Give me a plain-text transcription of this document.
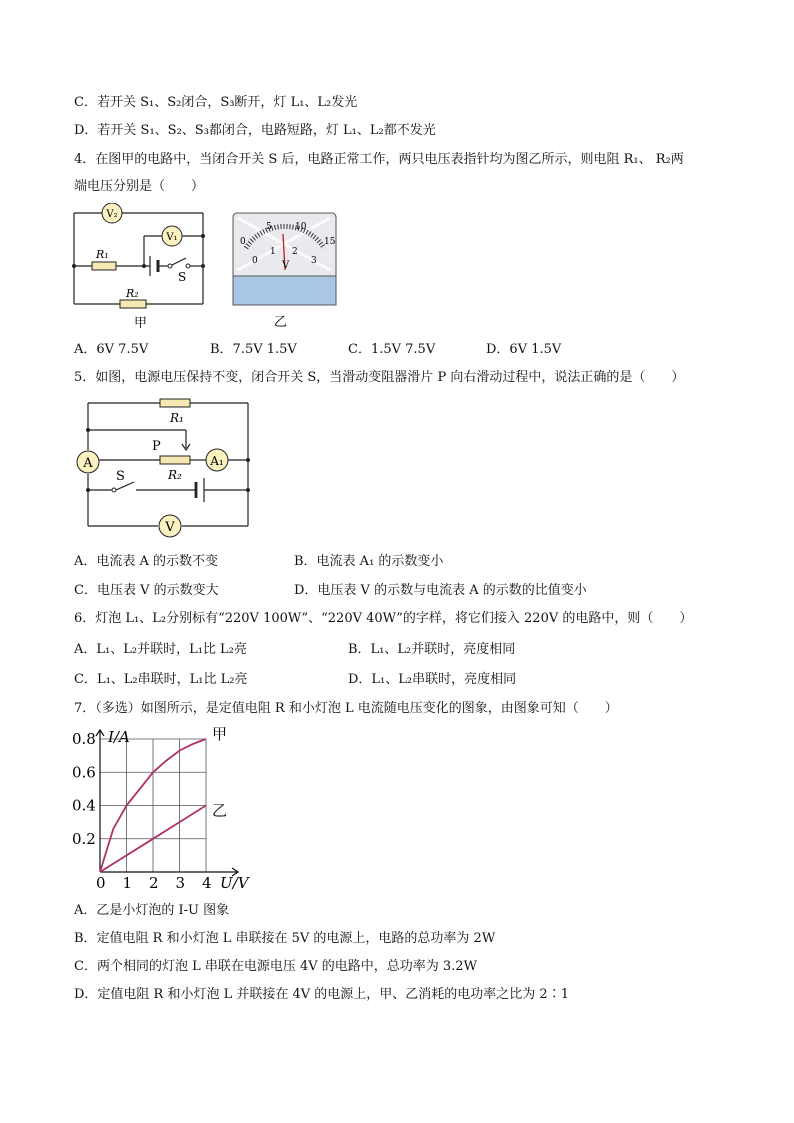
C．若开关 S₁、S₂闭合，S₃断开，灯 L₁、L₂发光
D．若开关 S₁、S₂、S₃都闭合，电路短路，灯 L₁、L₂都不发光
4．在图甲的电路中，当闭合开关 S 后，电路正常工作，两只电压表指针均为图乙所示，则电阻 R₁、 R₂两
端电压分别是（　　）
V₂
V₁
R₁
R₂
S
甲
0
5	10
15
0
1 2
3
V
乙
A．6V 7.5V	B．7.5V 1.5V	C．1.5V 7.5V	D．6V 1.5V
5．如图，电源电压保持不变，闭合开关 S，当滑动变阻器滑片 P 向右滑动过程中，说法正确的是（　　）
A	A₁
V
R₁
R₂
P
S
A．电流表 A 的示数不变	B．电流表 A₁ 的示数变小
C．电压表 V 的示数变大	D．电压表 V 的示数与电流表 A 的示数的比值变小
6．灯泡 L₁、L₂分别标有“220V 100W”、“220V 40W”的字样，将它们接入 220V 的电路中，则（　　）
A．L₁、L₂并联时，L₁比 L₂亮	B．L₁、L₂并联时，亮度相同
C．L₁、L₂串联时，L₁比 L₂亮	D．L₁、L₂串联时，亮度相同
7．（多选）如图所示，是定值电阻 R 和小灯泡 L 电流随电压变化的图象，由图象可知（　　）
0 1 2 3 4
0.2
0.4
0.6
0.8
U/V
I/A	甲
乙
A．乙是小灯泡的 I-U 图象
B．定值电阻 R 和小灯泡 L 串联接在 5V 的电源上，电路的总功率为 2W
C．两个相同的灯泡 L 串联在电源电压 4V 的电路中，总功率为 3.2W
D．定值电阻 R 和小灯泡 L 并联接在 4V 的电源上，甲、乙消耗的电功率之比为 2∶1
